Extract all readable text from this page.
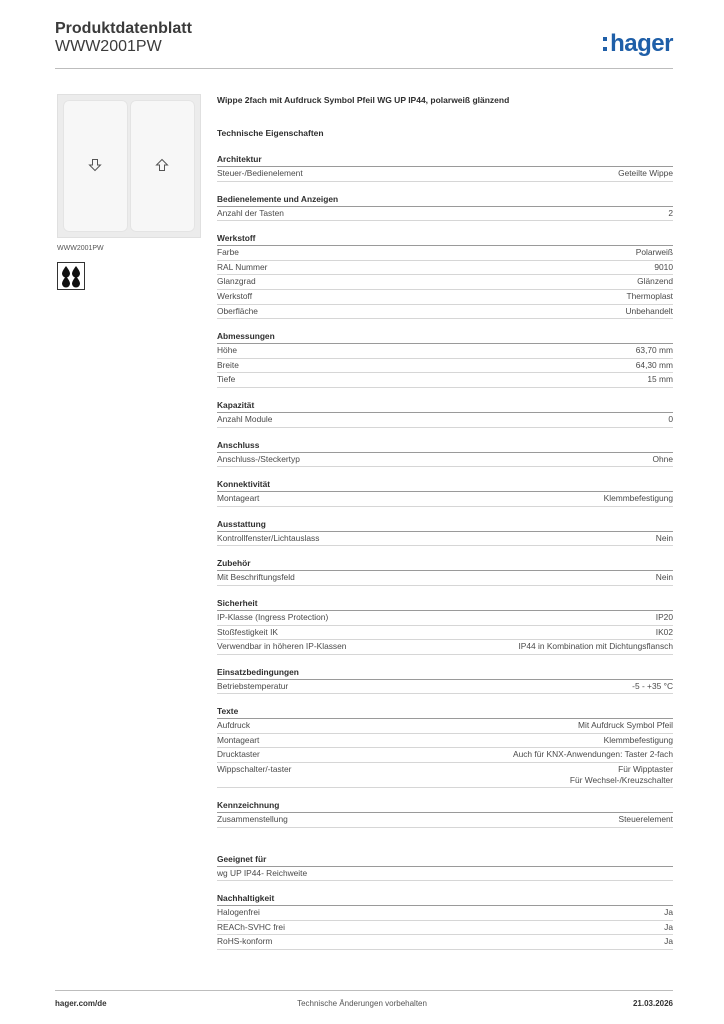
Produktdatenblatt
WWW2001PW	hager
WWW2001PW
Wippe 2fach mit Aufdruck Symbol Pfeil WG UP IP44, polarweiß glänzend
Technische Eigenschaften
Architektur
Steuer-/Bedienelement	Geteilte Wippe
Bedienelemente und Anzeigen
Anzahl der Tasten	2
Werkstoff
Farbe	Polarweiß
RAL Nummer	9010
Glanzgrad	Glänzend
Werkstoff	Thermoplast
Oberfläche	Unbehandelt
Abmessungen
Höhe	63,70 mm
Breite	64,30 mm
Tiefe	15 mm
Kapazität
Anzahl Module	0
Anschluss
Anschluss-/Steckertyp	Ohne
Konnektivität
Montageart	Klemmbefestigung
Ausstattung
Kontrollfenster/Lichtauslass	Nein
Zubehör
Mit Beschriftungsfeld	Nein
Sicherheit
IP-Klasse (Ingress Protection)	IP20
Stoßfestigkeit IK	IK02
Verwendbar in höheren IP-Klassen	IP44 in Kombination mit Dichtungsflansch
Einsatzbedingungen
Betriebstemperatur	-5 - +35 °C
Texte
Aufdruck	Mit Aufdruck Symbol Pfeil
Montageart	Klemmbefestigung
Drucktaster	Auch für KNX-Anwendungen: Taster 2-fach
Wippschalter/-taster	Für Wipptaster
Für Wechsel-/Kreuzschalter
Kennzeichnung
Zusammenstellung	Steuerelement
Geeignet für
wg UP IP44- Reichweite
Nachhaltigkeit
Halogenfrei	Ja
REACh-SVHC frei	Ja
RoHS-konform	Ja
Technische Änderungen vorbehalten
hager.com/de	21.03.2026
